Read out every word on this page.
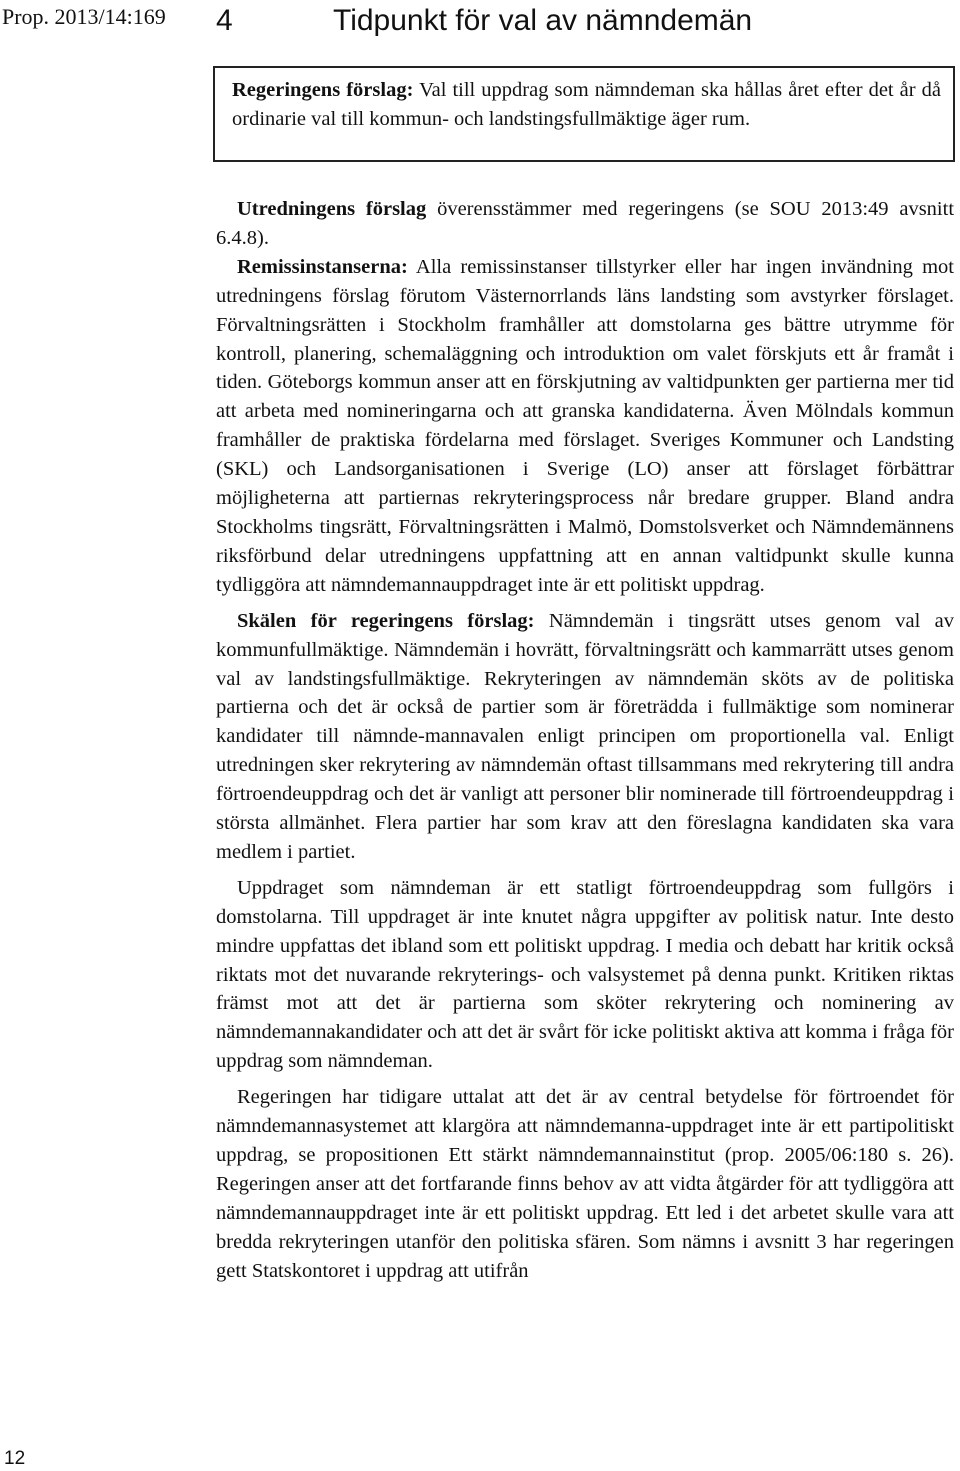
Prop. 2013/14:169 4	Tidpunkt för val av nämndemän
Regeringens förslag: Val till uppdrag som nämndeman ska hållas året efter det år då ordinarie val till kommun- och landstingsfullmäktige äger rum.

Utredningens förslag överensstämmer med regeringens (se SOU 2013:49 avsnitt 6.4.8).

Remissinstanserna: Alla remissinstanser tillstyrker eller har ingen invändning mot utredningens förslag förutom Västernorrlands läns landsting som avstyrker förslaget. Förvaltningsrätten i Stockholm framhåller att domstolarna ges bättre utrymme för kontroll, planering, schemaläggning och introduktion om valet förskjuts ett år framåt i tiden. Göteborgs kommun anser att en förskjutning av valtidpunkten ger partierna mer tid att arbeta med nomineringarna och att granska kandidaterna. Även Mölndals kommun framhåller de praktiska fördelarna med förslaget. Sveriges Kommuner och Landsting (SKL) och Landsorganisationen i Sverige (LO) anser att förslaget förbättrar möjligheterna att partiernas rekryteringsprocess når bredare grupper. Bland andra Stockholms tingsrätt, Förvaltningsrätten i Malmö, Domstolsverket och Nämndemännens riksförbund delar utredningens uppfattning att en annan valtidpunkt skulle kunna tydliggöra att nämndemannauppdraget inte är ett politiskt uppdrag.

Skälen för regeringens förslag: Nämndemän i tingsrätt utses genom val av kommunfullmäktige. Nämndemän i hovrätt, förvaltningsrätt och kammarrätt utses genom val av landstingsfullmäktige. Rekryteringen av nämndemän sköts av de politiska partierna och det är också de partier som är företrädda i fullmäktige som nominerar kandidater till nämnde-mannavalen enligt principen om proportionella val. Enligt utredningen sker rekrytering av nämndemän oftast tillsammans med rekrytering till andra förtroendeuppdrag och det är vanligt att personer blir nominerade till förtroendeuppdrag i största allmänhet. Flera partier har som krav att den föreslagna kandidaten ska vara medlem i partiet.

Uppdraget som nämndeman är ett statligt förtroendeuppdrag som fullgörs i domstolarna. Till uppdraget är inte knutet några uppgifter av politisk natur. Inte desto mindre uppfattas det ibland som ett politiskt uppdrag. I media och debatt har kritik också riktats mot det nuvarande rekryterings- och valsystemet på denna punkt. Kritiken riktas främst mot att det är partierna som sköter rekrytering och nominering av nämndemannakandidater och att det är svårt för icke politiskt aktiva att komma i fråga för uppdrag som nämndeman.

Regeringen har tidigare uttalat att det är av central betydelse för förtroendet för nämndemannasystemet att klargöra att nämndemanna-uppdraget inte är ett partipolitiskt uppdrag, se propositionen Ett stärkt nämndemannainstitut (prop. 2005/06:180 s. 26). Regeringen anser att det fortfarande finns behov av att vidta åtgärder för att tydliggöra att nämndemannauppdraget inte är ett politiskt uppdrag. Ett led i det arbetet skulle vara att bredda rekryteringen utanför den politiska sfären. Som nämns i avsnitt 3 har regeringen gett Statskontoret i uppdrag att utifrån

12
